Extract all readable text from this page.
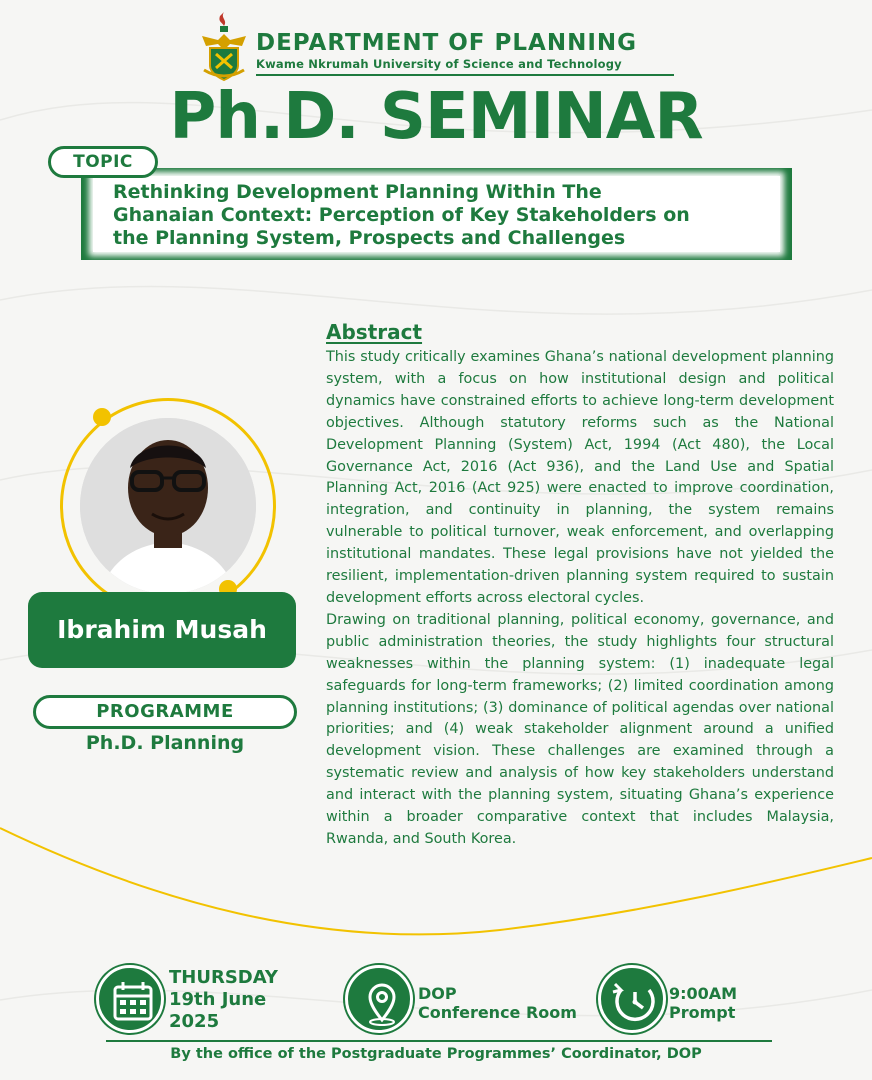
DEPARTMENT OF PLANNING
Kwame Nkrumah University of Science and Technology
Ph.D. SEMINAR
Rethinking Development Planning Within The
Ghanaian Context: Perception of Key Stakeholders on
the Planning System, Prospects and Challenges
TOPIC
Ibrahim Musah
PROGRAMME
Ph.D. Planning
Abstract

This study critically examines Ghana’s national development planning system, with a focus on how institutional design and political dynamics have constrained efforts to achieve long-term development objectives. Although statutory reforms such as the National Development Planning (System) Act, 1994 (Act 480), the Local Governance Act, 2016 (Act 936), and the Land Use and Spatial Planning Act, 2016 (Act 925) were enacted to improve coordination, integration, and continuity in planning, the system remains vulnerable to political turnover, weak enforcement, and overlapping institutional mandates. These legal provisions have not yielded the resilient, implementation-driven planning system required to sustain development efforts across electoral cycles.

Drawing on traditional planning, political economy, governance, and public administration theories, the study highlights four structural weaknesses within the planning system: (1) inadequate legal safeguards for long-term frameworks; (2) limited coordination among planning institutions; (3) dominance of political agendas over national priorities; and (4) weak stakeholder alignment around a unified development vision. These challenges are examined through a systematic review and analysis of how key stakeholders understand and interact with the planning system, situating Ghana’s experience within a broader comparative context that includes Malaysia, Rwanda, and South Korea.

THURSDAY
19th June
2025
DOP
Conference Room
9:00AM
Prompt
By the office of the Postgraduate Programmes’ Coordinator, DOP
